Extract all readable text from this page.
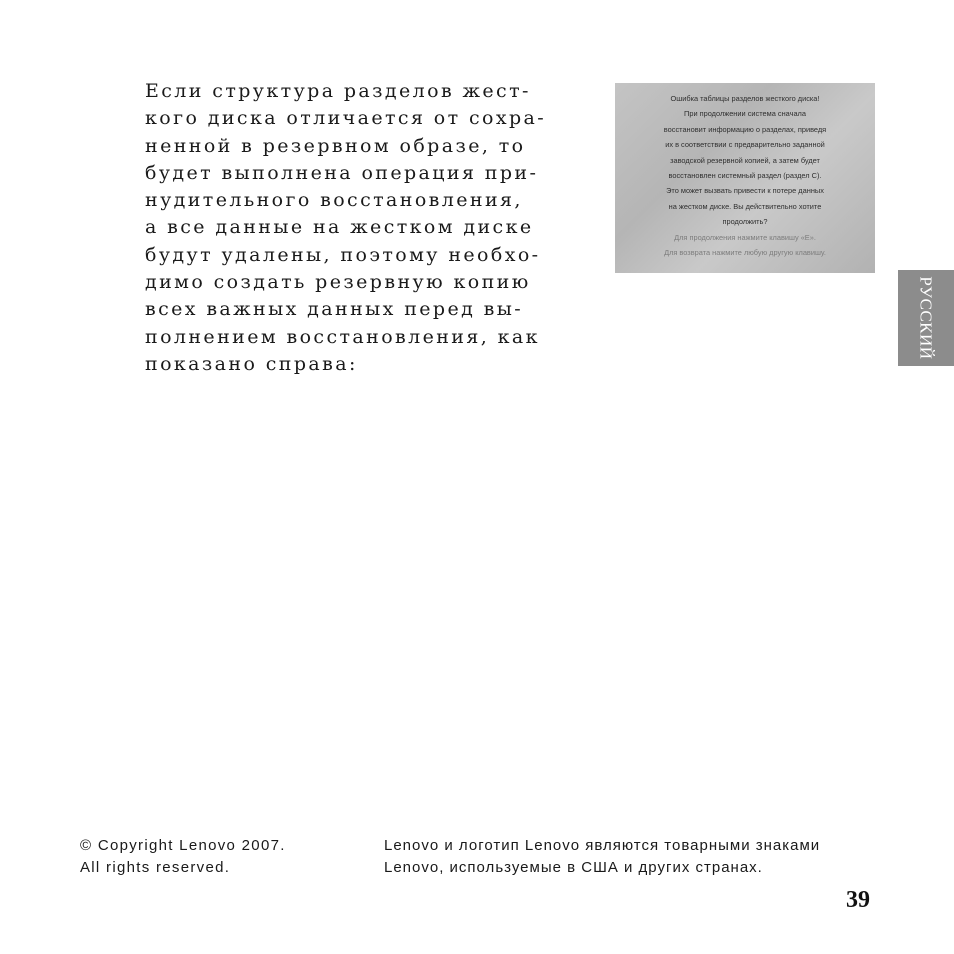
Если структура разделов жест-
кого диска отличается от сохра-
ненной в резервном образе, то
будет выполнена операция при-
нудительного восстановления,
а все данные на жестком диске
будут удалены, поэтому необхо-
димо создать резервную копию
всех важных данных перед вы-
полнением восстановления, как
показано справа:
Ошибка таблицы разделов жесткого диска!
При продолжении система сначала
восстановит информацию о разделах, приведя
их в соответствии с предварительно заданной
заводской резервной копией, а затем будет
восстановлен системный раздел (раздел C).
Это может вызвать привести к потере данных
на жестком диске. Вы действительно хотите
продолжить?
Для продолжения нажмите клавишу «E».
Для возврата нажмите любую другую клавишу.
РУССКИЙ
© Copyright Lenovo 2007.
All rights reserved.
Lenovo и логотип Lenovo являются товарными знаками
Lenovo, используемые в США и других странах.
39
